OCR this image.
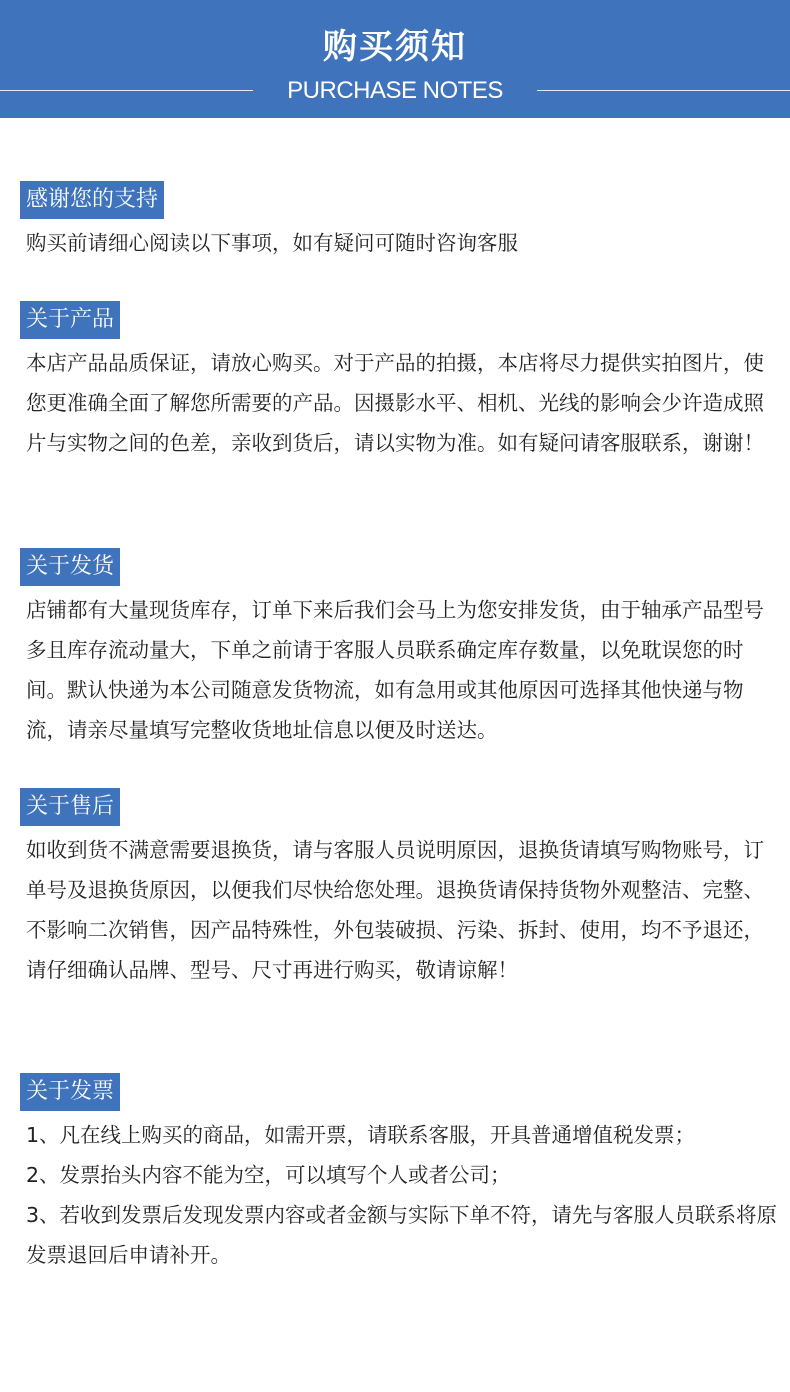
购买须知
PURCHASE NOTES
感谢您的支持

购买前请细心阅读以下事项，如有疑问可随时咨询客服

关于产品

本店产品品质保证，请放心购买。对于产品的拍摄，本店将尽力提供实拍图片，使您更准确全面了解您所需要的产品。因摄影水平、相机、光线的影响会少许造成照片与实物之间的色差，亲收到货后，请以实物为准。如有疑问请客服联系，谢谢！

关于发货

店铺都有大量现货库存，订单下来后我们会马上为您安排发货，由于轴承产品型号多且库存流动量大，下单之前请于客服人员联系确定库存数量，以免耽误您的时间。默认快递为本公司随意发货物流，如有急用或其他原因可选择其他快递与物流，请亲尽量填写完整收货地址信息以便及时送达。

关于售后

如收到货不满意需要退换货，请与客服人员说明原因，退换货请填写购物账号，订单号及退换货原因，以便我们尽快给您处理。退换货请保持货物外观整洁、完整、不影响二次销售，因产品特殊性，外包装破损、污染、拆封、使用，均不予退还，请仔细确认品牌、型号、尺寸再进行购买，敬请谅解！

关于发票

1、凡在线上购买的商品，如需开票，请联系客服，开具普通增值税发票；

2、发票抬头内容不能为空，可以填写个人或者公司；

3、若收到发票后发现发票内容或者金额与实际下单不符，请先与客服人员联系将原发票退回后申请补开。
